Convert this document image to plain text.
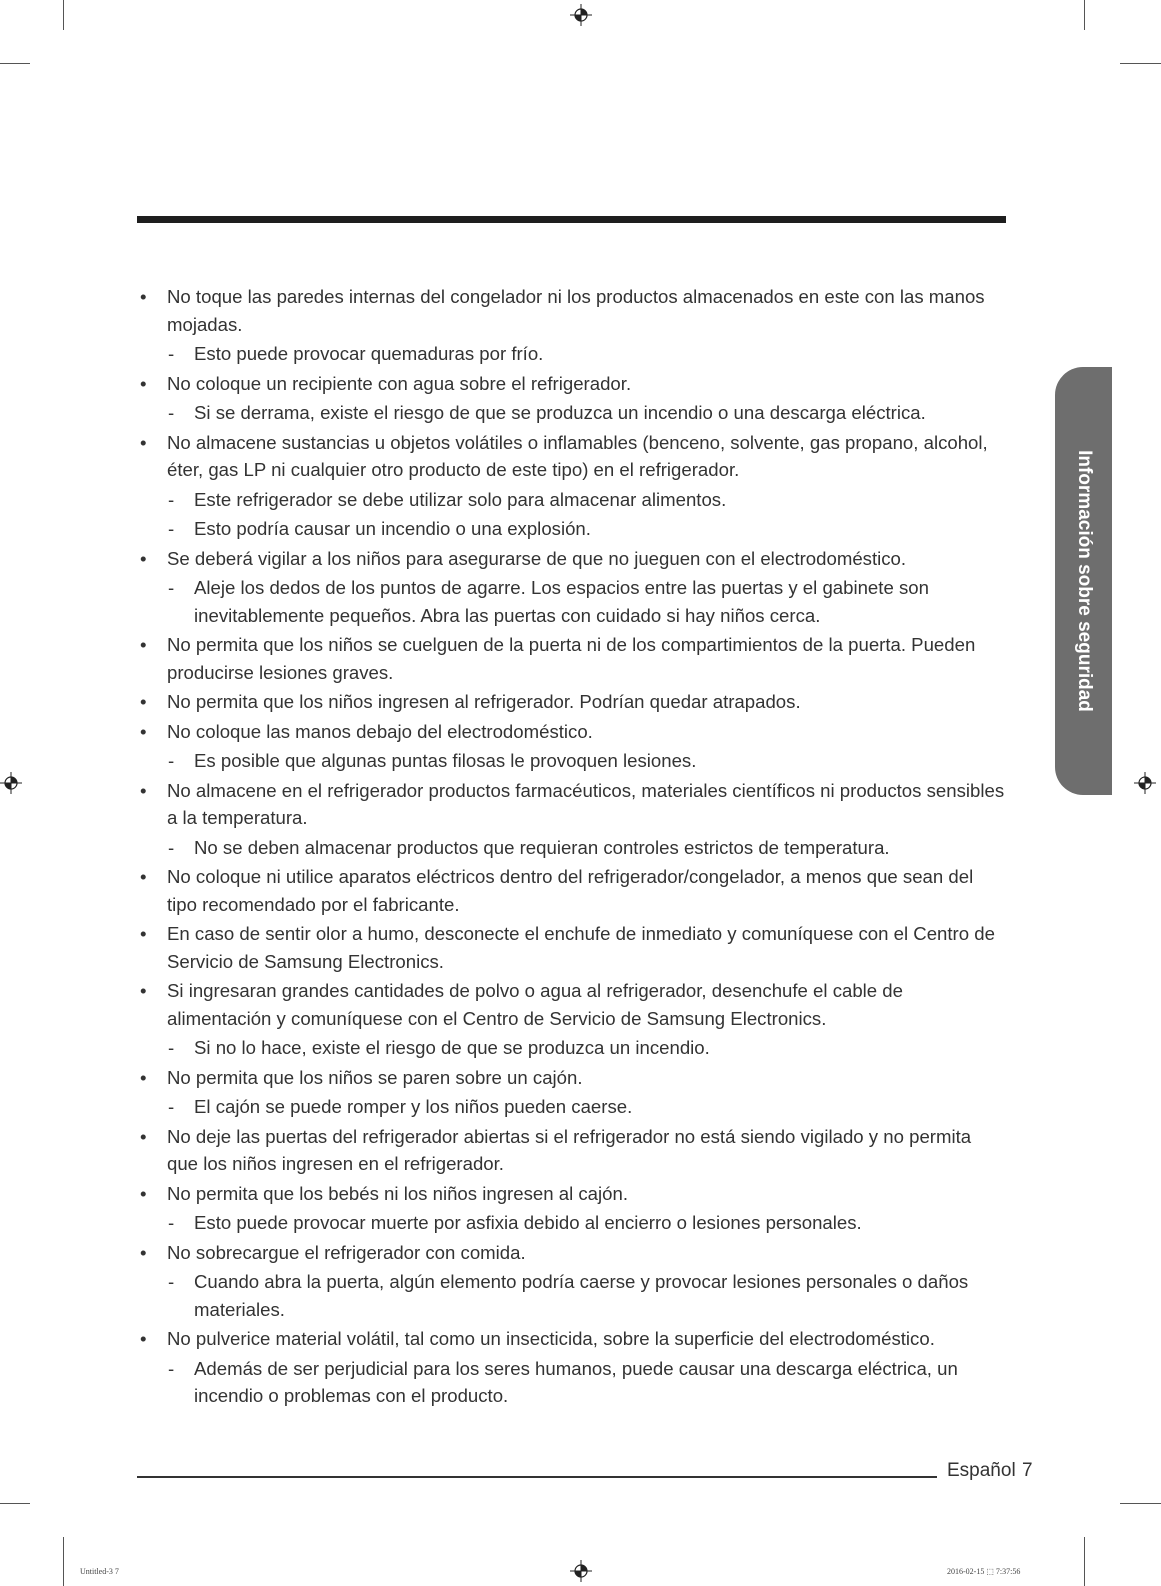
• No toque las paredes internas del congelador ni los productos almacenados en este con las manos mojadas.
- Esto puede provocar quemaduras por frío.
• No coloque un recipiente con agua sobre el refrigerador.
- Si se derrama, existe el riesgo de que se produzca un incendio o una descarga eléctrica.
• No almacene sustancias u objetos volátiles o inflamables (benceno, solvente, gas propano, alcohol, éter, gas LP ni cualquier otro producto de este tipo) en el refrigerador.
- Este refrigerador se debe utilizar solo para almacenar alimentos.
- Esto podría causar un incendio o una explosión.
• Se deberá vigilar a los niños para asegurarse de que no jueguen con el electrodoméstico.
- Aleje los dedos de los puntos de agarre. Los espacios entre las puertas y el gabinete son inevitablemente pequeños. Abra las puertas con cuidado si hay niños cerca.
• No permita que los niños se cuelguen de la puerta ni de los compartimientos de la puerta. Pueden producirse lesiones graves.
• No permita que los niños ingresen al refrigerador. Podrían quedar atrapados.
• No coloque las manos debajo del electrodoméstico.
- Es posible que algunas puntas filosas le provoquen lesiones.
• No almacene en el refrigerador productos farmacéuticos, materiales científicos ni productos sensibles a la temperatura.
- No se deben almacenar productos que requieran controles estrictos de temperatura.
• No coloque ni utilice aparatos eléctricos dentro del refrigerador/congelador, a menos que sean del tipo recomendado por el fabricante.
• En caso de sentir olor a humo, desconecte el enchufe de inmediato y comuníquese con el Centro de Servicio de Samsung Electronics.
• Si ingresaran grandes cantidades de polvo o agua al refrigerador, desenchufe el cable de alimentación y comuníquese con el Centro de Servicio de Samsung Electronics.
- Si no lo hace, existe el riesgo de que se produzca un incendio.
• No permita que los niños se paren sobre un cajón.
- El cajón se puede romper y los niños pueden caerse.
• No deje las puertas del refrigerador abiertas si el refrigerador no está siendo vigilado y no permita que los niños ingresen en el refrigerador.
• No permita que los bebés ni los niños ingresen al cajón.
- Esto puede provocar muerte por asfixia debido al encierro o lesiones personales.
• No sobrecargue el refrigerador con comida.
- Cuando abra la puerta, algún elemento podría caerse y provocar lesiones personales o daños materiales.
• No pulverice material volátil, tal como un insecticida, sobre la superficie del electrodoméstico.
- Además de ser perjudicial para los seres humanos, puede causar una descarga eléctrica, un incendio o problemas con el producto.
Información sobre seguridad
Español 7
Untitled-3 7	2016-02-15 ⬚ 7:37:56
